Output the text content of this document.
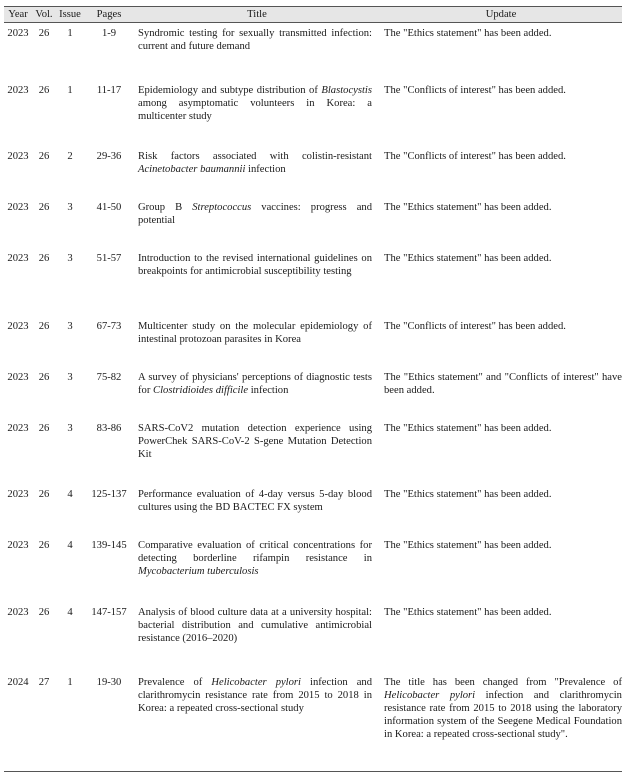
Year	Vol.	Issue	Pages	Title	Update
2023	26	1	1-9	Syndromic testing for sexually transmitted infection: current and future demand	The "Ethics statement" has been added.
2023	26	1	11-17	Epidemiology and subtype distribution of Blastocystis among asymptomatic volunteers in Korea: a multicenter study	The "Conflicts of interest" has been added.
2023	26	2	29-36	Risk factors associated with colistin-resistant Acinetobacter baumannii infection	The "Conflicts of interest" has been added.
2023	26	3	41-50	Group B Streptococcus vaccines: progress and potential	The "Ethics statement" has been added.
2023	26	3	51-57	Introduction to the revised international guidelines on breakpoints for antimicrobial susceptibility testing	The "Ethics statement" has been added.
2023	26	3	67-73	Multicenter study on the molecular epidemiology of intestinal protozoan parasites in Korea	The "Conflicts of interest" has been added.
2023	26	3	75-82	A survey of physicians' perceptions of diagnostic tests for Clostridioides difficile infection	The "Ethics statement" and "Conflicts of interest" have been added.
2023	26	3	83-86	SARS-CoV2 mutation detection experience using PowerChek SARS-CoV-2 S-gene Mutation Detection Kit	The "Ethics statement" has been added.
2023	26	4	125-137	Performance evaluation of 4-day versus 5-day blood cultures using the BD BACTEC FX system	The "Ethics statement" has been added.
2023	26	4	139-145	Comparative evaluation of critical concentrations for detecting borderline rifampin resistance in Mycobacterium tuberculosis	The "Ethics statement" has been added.
2023	26	4	147-157	Analysis of blood culture data at a university hospital: bacterial distribution and cumulative antimicrobial resistance (2016–2020)	The "Ethics statement" has been added.
2024	27	1	19-30	Prevalence of Helicobacter pylori infection and clarithromycin resistance rate from 2015 to 2018 in Korea: a repeated cross-sectional study	The title has been changed from "Prevalence of Helicobacter pylori infection and clarithromycin resistance rate from 2015 to 2018 using the laboratory information system of the Seegene Medical Foundation in Korea: a repeated cross-sectional study".
